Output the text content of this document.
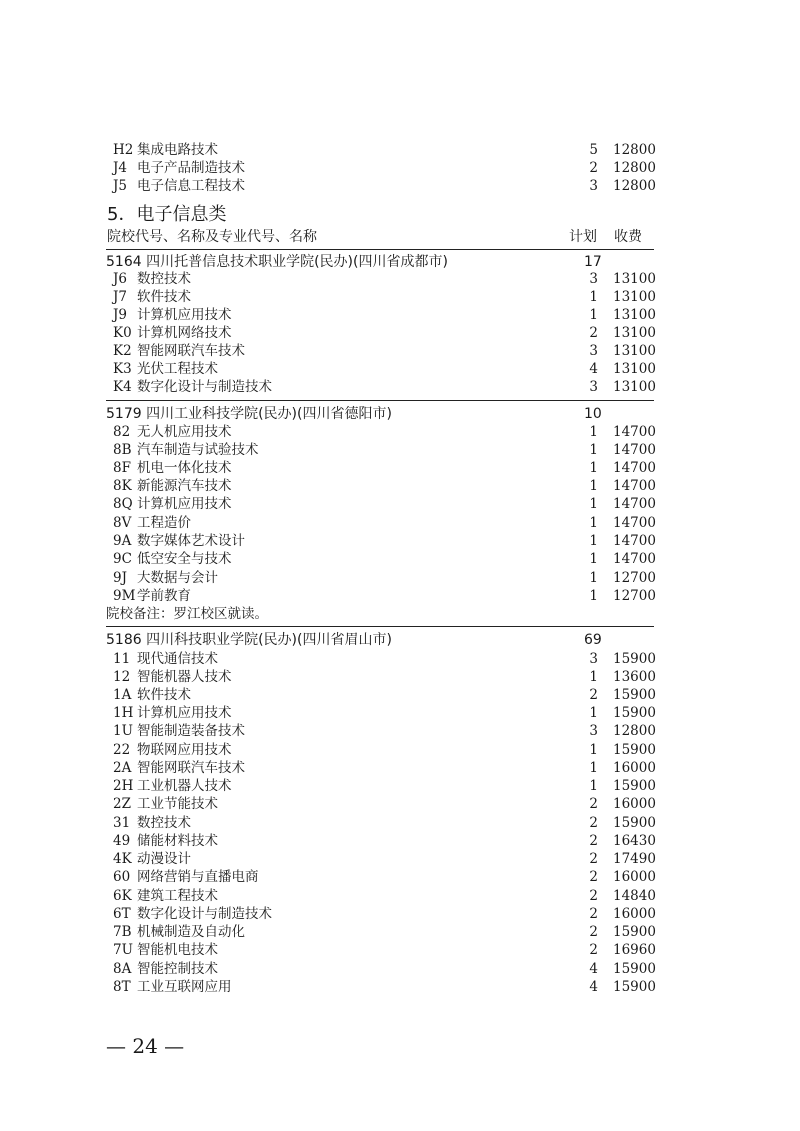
H2 集成电路技术	5 12800
J4 电子产品制造技术	2 12800
J5 电子信息工程技术	3 12800
5．电子信息类
院校代号、名称及专业代号、名称	计划 收费
5164 四川托普信息技术职业学院(民办)(四川省成都市)	17
J6 数控技术	3 13100
J7 软件技术	1 13100
J9 计算机应用技术	1 13100
K0 计算机网络技术	2 13100
K2 智能网联汽车技术	3 13100
K3 光伏工程技术	4 13100
K4 数字化设计与制造技术	3 13100
5179 四川工业科技学院(民办)(四川省德阳市)	10
82 无人机应用技术	1 14700
8B 汽车制造与试验技术	1 14700
8F 机电一体化技术	1 14700
8K 新能源汽车技术	1 14700
8Q 计算机应用技术	1 14700
8V 工程造价	1 14700
9A 数字媒体艺术设计	1 14700
9C 低空安全与技术	1 14700
9J 大数据与会计	1 12700
9M 学前教育	1 12700
院校备注：罗江校区就读。
5186 四川科技职业学院(民办)(四川省眉山市)	69
11 现代通信技术	3 15900
12 智能机器人技术	1 13600
1A 软件技术	2 15900
1H 计算机应用技术	1 15900
1U 智能制造装备技术	3 12800
22 物联网应用技术	1 15900
2A 智能网联汽车技术	1 16000
2H 工业机器人技术	1 15900
2Z 工业节能技术	2 16000
31 数控技术	2 15900
49 储能材料技术	2 16430
4K 动漫设计	2 17490
60 网络营销与直播电商	2 16000
6K 建筑工程技术	2 14840
6T 数字化设计与制造技术	2 16000
7B 机械制造及自动化	2 15900
7U 智能机电技术	2 16960
8A 智能控制技术	4 15900
8T 工业互联网应用	4 15900
— 24 —
